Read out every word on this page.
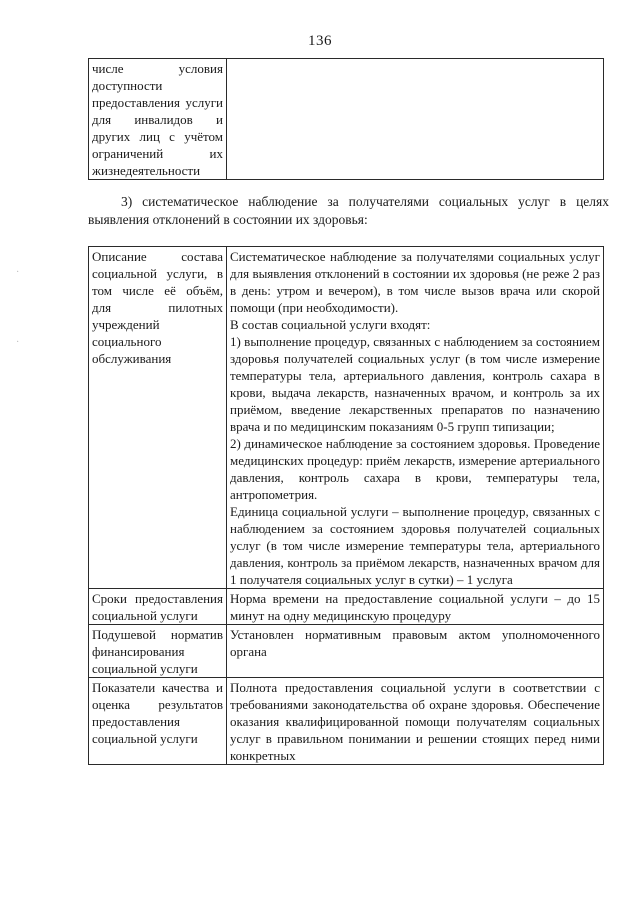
136
числе условия доступности предоставления услуги для инвалидов и других лиц с учётом ограничений их жизнедеятельности	
3) систематическое наблюдение за получателями социальных услуг в целях выявления отклонений в состоянии их здоровья:
·
·
Описание состава социальной услуги, в том числе её объём, для пилотных учреждений социального обслуживания	Систематическое наблюдение за получателями социальных услуг для выявления отклонений в состоянии их здоровья (не реже 2 раз в день: утром и вечером), в том числе вызов врача или скорой помощи (при необходимости).
В состав социальной услуги входят:
1) выполнение процедур, связанных с наблюдением за состоянием здоровья получателей социальных услуг (в том числе измерение температуры тела, артериального давления, контроль сахара в крови, выдача лекарств, назначенных врачом, и контроль за их приёмом, введение лекарственных препаратов по назначению врача и по медицинским показаниям 0-5 групп типизации;
2) динамическое наблюдение за состоянием здоровья. Проведение медицинских процедур: приём лекарств, измерение артериального давления, контроль сахара в крови, температуры тела, антропометрия.
Единица социальной услуги – выполнение процедур, связанных с наблюдением за состоянием здоровья получателей социальных услуг (в том числе измерение температуры тела, артериального давления, контроль за приёмом лекарств, назначенных врачом для 1 получателя социальных услуг в сутки) – 1 услуга

Сроки предоставления социальной услуги	Норма времени на предоставление социальной услуги – до 15 минут на одну медицинскую процедуру
Подушевой норматив финансирования социальной услуги	Установлен нормативным правовым актом уполномоченного органа
Показатели качества и оценка результатов предоставления социальной услуги	Полнота предоставления социальной услуги в соответствии с требованиями законодательства об охране здоровья. Обеспечение оказания квалифицированной помощи получателям социальных услуг в правильном понимании и решении стоящих перед ними конкретных
